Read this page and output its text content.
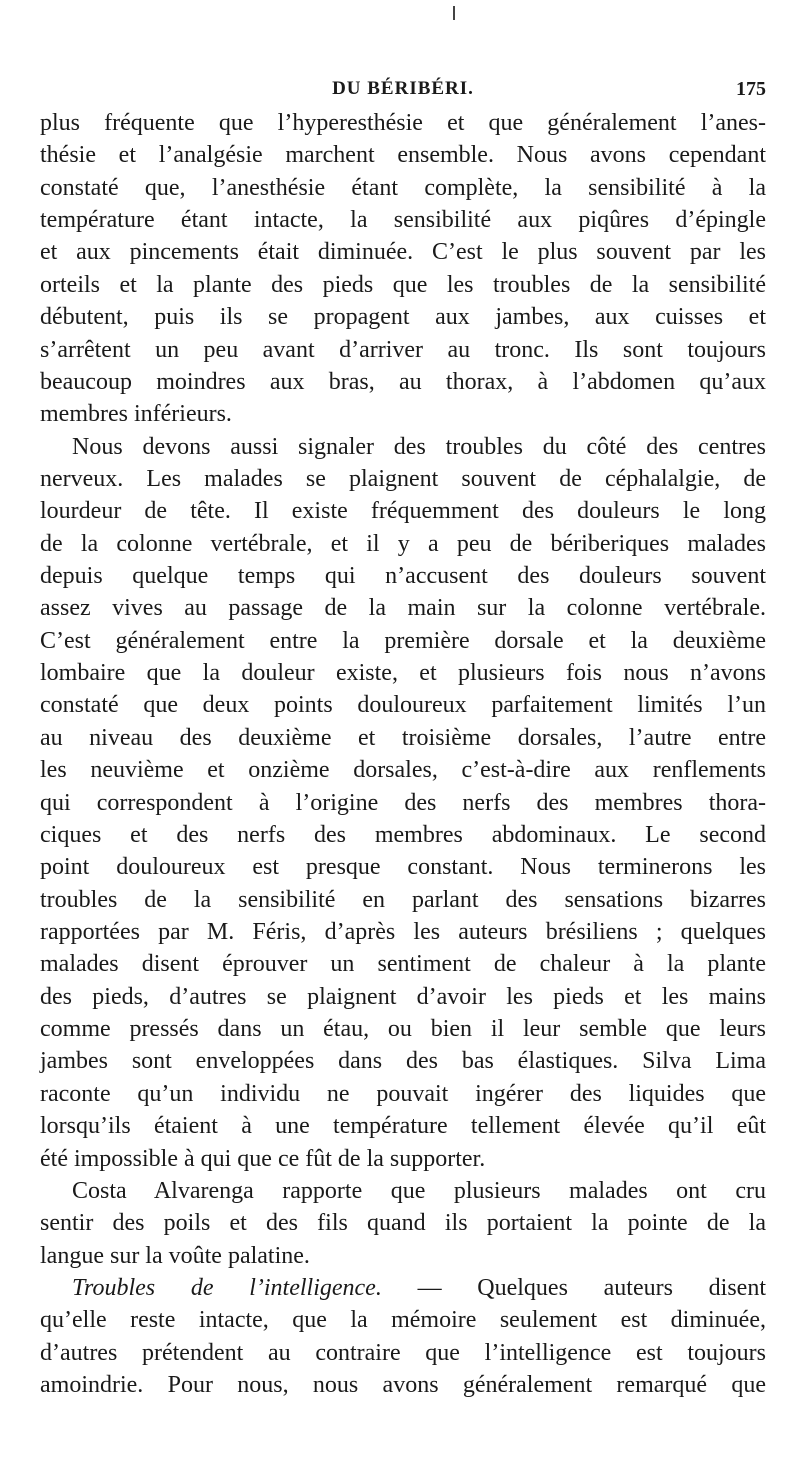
DU BÉRIBÉRI.	175
plus fréquente que l’hyperesthésie et que généralement l’anes-
thésie et l’analgésie marchent ensemble. Nous avons cependant
constaté que, l’anesthésie étant complète, la sensibilité à la
température étant intacte, la sensibilité aux piqûres d’épingle
et aux pincements était diminuée. C’est le plus souvent par les
orteils et la plante des pieds que les troubles de la sensibilité
débutent, puis ils se propagent aux jambes, aux cuisses et
s’arrêtent un peu avant d’arriver au tronc. Ils sont toujours
beaucoup moindres aux bras, au thorax, à l’abdomen qu’aux
membres inférieurs.
Nous devons aussi signaler des troubles du côté des centres
nerveux. Les malades se plaignent souvent de céphalalgie, de
lourdeur de tête. Il existe fréquemment des douleurs le long
de la colonne vertébrale, et il y a peu de bériberiques malades
depuis quelque temps qui n’accusent des douleurs souvent
assez vives au passage de la main sur la colonne vertébrale.
C’est généralement entre la première dorsale et la deuxième
lombaire que la douleur existe, et plusieurs fois nous n’avons
constaté que deux points douloureux parfaitement limités l’un
au niveau des deuxième et troisième dorsales, l’autre entre
les neuvième et onzième dorsales, c’est-à-dire aux renflements
qui correspondent à l’origine des nerfs des membres thora-
ciques et des nerfs des membres abdominaux. Le second
point douloureux est presque constant. Nous terminerons les
troubles de la sensibilité en parlant des sensations bizarres
rapportées par M. Féris, d’après les auteurs brésiliens ; quelques
malades disent éprouver un sentiment de chaleur à la plante
des pieds, d’autres se plaignent d’avoir les pieds et les mains
comme pressés dans un étau, ou bien il leur semble que leurs
jambes sont enveloppées dans des bas élastiques. Silva Lima
raconte qu’un individu ne pouvait ingérer des liquides que
lorsqu’ils étaient à une température tellement élevée qu’il eût
été impossible à qui que ce fût de la supporter.
Costa Alvarenga rapporte que plusieurs malades ont cru
sentir des poils et des fils quand ils portaient la pointe de la
langue sur la voûte palatine.
Troubles de l’intelligence. — Quelques auteurs disent
qu’elle reste intacte, que la mémoire seulement est diminuée,
d’autres prétendent au contraire que l’intelligence est toujours
amoindrie. Pour nous, nous avons généralement remarqué que
